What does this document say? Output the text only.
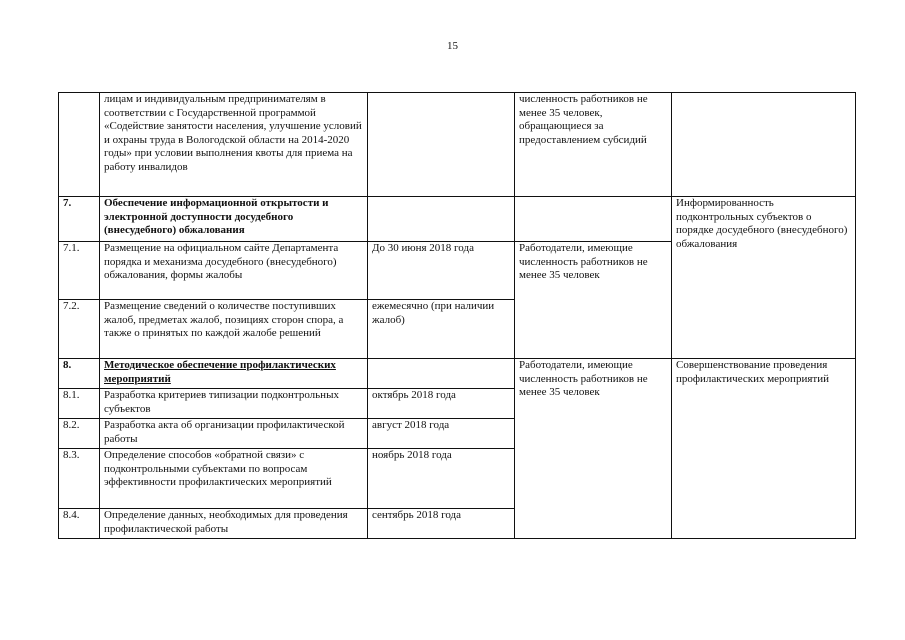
15
	лицам и индивидуальным предпринимателям в соответствии с Государственной программой «Содействие занятости населения, улучшение условий и охраны труда в Вологодской области на 2014-2020 годы» при условии выполнения квоты для приема на работу инвалидов		численность работников не менее 35 человек, обращающиеся за предоставлением субсидий	
7.	Обеспечение информационной открытости и электронной доступности досудебного (внесудебного) обжалования			Информированность подконтрольных субъектов о порядке досудебного (внесудебного) обжалования
7.1.	Размещение на официальном сайте Департамента порядка и механизма досудебного (внесудебного) обжалования, формы жалобы	До 30 июня 2018 года	Работодатели, имеющие численность работников не менее 35 человек	
7.2.	Размещение сведений о количестве поступивших жалоб, предметах жалоб, позициях сторон спора, а также о принятых по каждой жалобе решений	ежемесячно (при наличии жалоб)		
8.	Методическое обеспечение профилактических мероприятий		Работодатели, имеющие численность работников не менее 35 человек	Совершенствование проведения профилактических мероприятий
8.1.	Разработка критериев типизации подконтрольных субъектов	октябрь 2018 года		
8.2.	Разработка акта об организации профилактической работы	август 2018 года		
8.3.	Определение способов «обратной связи» с подконтрольными субъектами по вопросам эффективности профилактических мероприятий	ноябрь 2018 года		
8.4.	Определение данных, необходимых для проведения профилактической работы	сентябрь 2018 года		
